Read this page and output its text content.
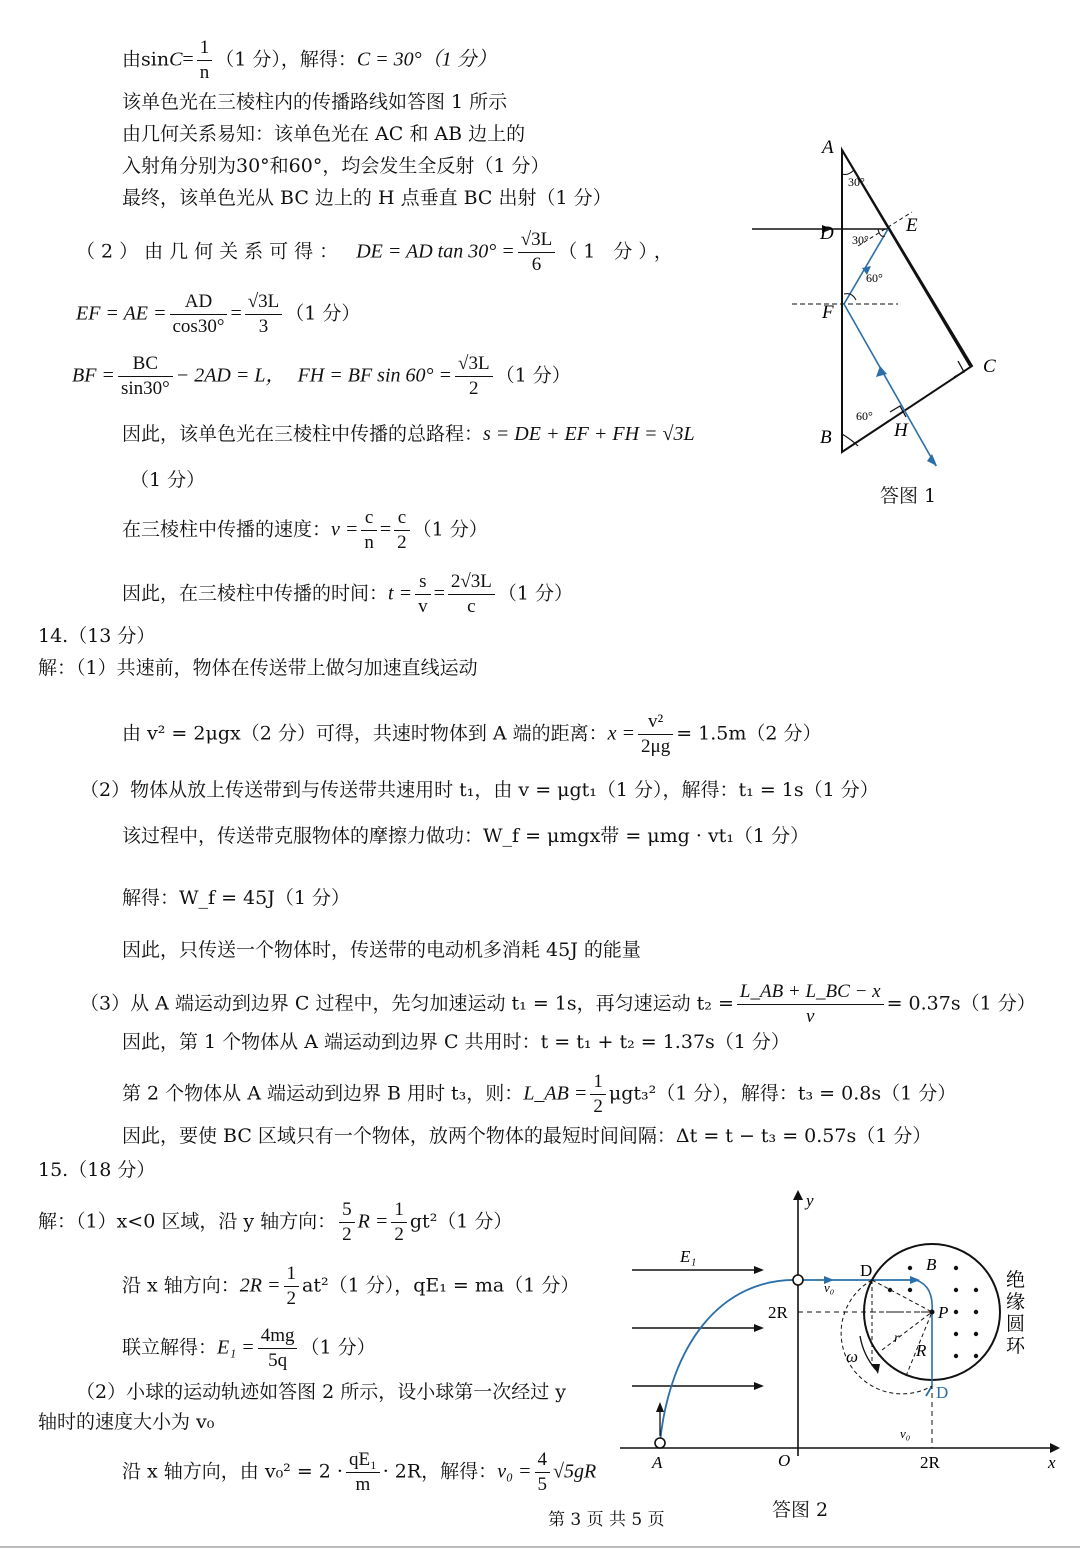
由$\sin C= \frac{1}{n} (1$ 分），解得：C = 30°（1 分）
该单色光在三棱柱内的传播路线如答图 1 所示
由几何关系易知：该单色光在 AC 和 AB 边上的
入射角分别为30°和60°，均会发生全反射（1 分）
最终，该单色光从 BC 边上的 H 点垂直 BC 出射（1 分）
（2）由几何关系可得： DE = AD $\tan 30^\circ = \frac{√3L}{6} (1$ 分），
EF = AE = $\frac{AD}{\cos 30^\circ} = \frac{√3L}{3} (1$ 分）
BF = $\frac{BC}{\sin 30^\circ} - 2AD = L$， FH = BF $\sin 60^\circ = \frac{√3L}{2} (1$ 分）
因此，该单色光在三棱柱中传播的总路程：s = DE + EF + FH = √3L
（1 分）
在三棱柱中传播的速度：$v = \frac{c}{n} = \frac{c}{2} (1$ 分）
因此，在三棱柱中传播的时间：$t = \frac{s}{v} = \frac{2√3L}{c} (1$ 分）
A
B
C
D	E
F
H
30°
30°
60°
60°
答图 1
14.（13 分）
解：（1）共速前，物体在传送带上做匀加速直线运动
由 v² = 2μgx（2 分）可得，共速时物体到 A 端的距离：$x = \frac{\text{v²}}{2\mu g} = 1.5m(2$ 分）
（2）物体从放上传送带到与传送带共速用时 t₁，由 v = μgt₁（1 分），解得：t₁ = 1s（1 分）
该过程中，传送带克服物体的摩擦力做功：W_f = μmgx带 = μmg · vt₁（1 分）
解得：W_f = 45J（1 分）
因此，只传送一个物体时，传送带的电动机多消耗 45J 的能量
（3）从 A 端运动到边界 C 过程中，先匀加速运动 t₁ = 1s，再匀速运动 $t_2 = \frac{L\_AB + L\_BC - x}{v} = 0.37s(1$ 分）
因此，第 1 个物体从 A 端运动到边界 C 共用时：t = t₁ + t₂ = 1.37s（1 分）
第 2 个物体从 A 端运动到边界 B 用时 t₃，则：L_AB = $\frac{1}{2} \mu gt_3^2(1$ 分），解得：t₃ = 0.8s（1 分）
因此，要使 BC 区域只有一个物体，放两个物体的最短时间间隔：Δt = t − t₃ = 0.57s（1 分）
15.（18 分）
解：（1）x<0 区域，沿 y 轴方向： $\frac{5}{2}$ $R = \frac{1}{2} gt^2(1$ 分）
沿 x 轴方向：$2R = \frac{1}{2} at^2(1$ 分），qE₁ = ma（1 分）
联立解得：$E_1 = \frac{4mg}{5q} (1$ 分）
（2）小球的运动轨迹如答图 2 所示，设小球第一次经过 y
轴时的速度大小为 v₀
沿 x 轴方向，由 $v_0^2 = 2 \cdot \frac{\text{qE₁}}{m} \cdot 2R$，解得：$v_0 = \frac{4}{5} √5gR$
y
x
E₁
v₀
D
D
B
P
R
r
ω
2R
2R
O
A
v₀
绝
缘
圆
环
答图 2
第 3 页 共 5 页
